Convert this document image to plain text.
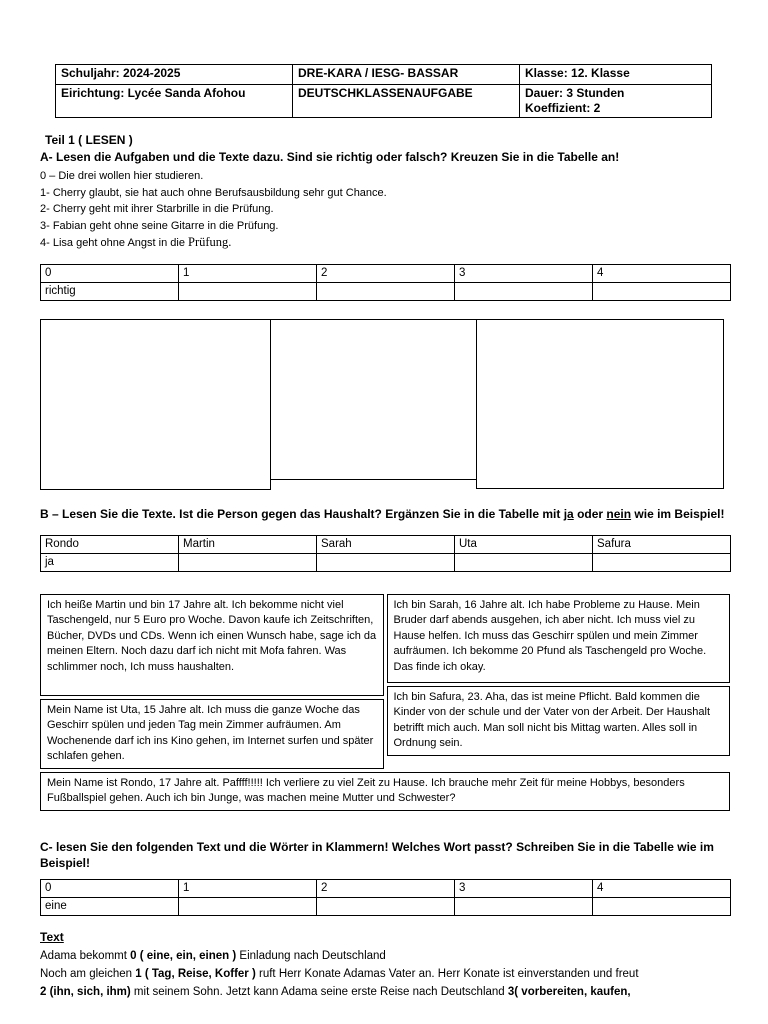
Schuljahr: 2024-2025	DRE-KARA / IESG- BASSAR	Klasse: 12. Klasse
Eirichtung: Lycée Sanda Afohou	DEUTSCHKLASSENAUFGABE	Dauer: 3 Stunden
Koeffizient: 2
Teil 1 ( LESEN )
A- Lesen die Aufgaben und die Texte dazu. Sind sie richtig oder falsch? Kreuzen Sie in die Tabelle an!
0 – Die drei wollen hier studieren.
1- Cherry glaubt, sie hat auch ohne Berufsausbildung sehr gut Chance.
2- Cherry geht mit ihrer Starbrille in die Prüfung.
3- Fabian geht ohne seine Gitarre in die Prüfung.
4- Lisa geht ohne Angst in die Prüfung.
0	1	2	3	4
richtig				
B – Lesen Sie die Texte. Ist die Person gegen das Haushalt? Ergänzen Sie in die Tabelle mit ja oder nein wie im Beispiel!
Rondo	Martin	Sarah	Uta	Safura
ja				
Ich heiße Martin und bin 17 Jahre alt. Ich bekomme nicht viel Taschengeld, nur 5 Euro pro Woche. Davon kaufe ich Zeitschriften, Bücher, DVDs und CDs. Wenn ich einen Wunsch habe, sage ich da meinen Eltern. Noch dazu darf ich nicht mit Mofa fahren. Was schlimmer noch, Ich muss haushalten.
Mein Name ist Uta, 15 Jahre alt. Ich muss die ganze Woche das Geschirr spülen und jeden Tag mein Zimmer aufräumen. Am Wochenende darf ich ins Kino gehen, im Internet surfen und später schlafen gehen.
Ich bin Sarah, 16 Jahre alt. Ich habe Probleme zu Hause. Mein Bruder darf abends ausgehen, ich aber nicht. Ich muss viel zu Hause helfen. Ich muss das Geschirr spülen und mein Zimmer aufräumen. Ich bekomme 20 Pfund als Taschengeld pro Woche. Das finde ich okay.
Ich bin Safura, 23. Aha, das ist meine Pflicht. Bald kommen die Kinder von der schule und der Vater von der Arbeit. Der Haushalt betrifft mich auch. Man soll nicht bis Mittag warten. Alles soll in Ordnung sein.
Mein Name ist Rondo, 17 Jahre alt. Paffff!!!!! Ich verliere zu viel Zeit zu Hause. Ich brauche mehr Zeit für meine Hobbys, besonders Fußballspiel gehen. Auch ich bin Junge, was machen meine Mutter und Schwester?
C- lesen Sie den folgenden Text und die Wörter in Klammern! Welches Wort passt? Schreiben Sie in die Tabelle wie im Beispiel!
0	1	2	3	4
eine				
Text
Adama bekommt 0 ( eine, ein, einen ) Einladung nach Deutschland
Noch am gleichen 1 ( Tag, Reise, Koffer ) ruft Herr Konate Adamas Vater an. Herr Konate ist einverstanden und freut
2 (ihn, sich, ihm) mit seinem Sohn. Jetzt kann Adama seine erste Reise nach Deutschland 3( vorbereiten, kaufen,
